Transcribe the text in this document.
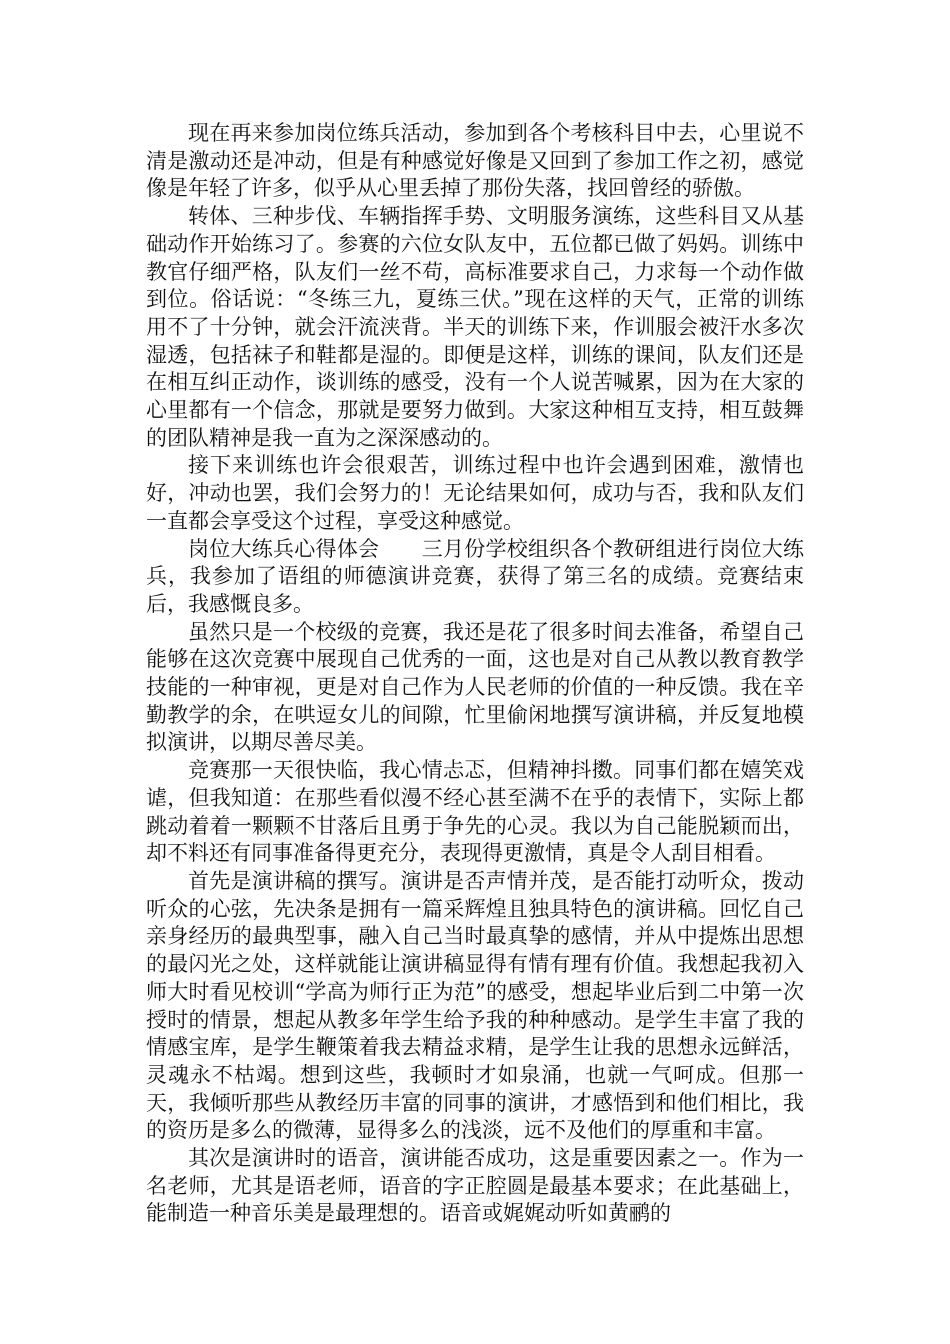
现在再来参加岗位练兵活动，参加到各个考核科目中去，心里说不清是激动还是冲动，但是有种感觉好像是又回到了参加工作之初，感觉像是年轻了许多，似乎从心里丢掉了那份失落，找回曾经的骄傲。

转体、三种步伐、车辆指挥手势、文明服务演练，这些科目又从基础动作开始练习了。参赛的六位女队友中，五位都已做了妈妈。训练中教官仔细严格，队友们一丝不苟，高标准要求自己，力求每一个动作做到位。俗话说：“冬练三九，夏练三伏。”现在这样的天气，正常的训练用不了十分钟，就会汗流浃背。半天的训练下来，作训服会被汗水多次湿透，包括袜子和鞋都是湿的。即便是这样，训练的课间，队友们还是在相互纠正动作，谈训练的感受，没有一个人说苦喊累，因为在大家的心里都有一个信念，那就是要努力做到。大家这种相互支持，相互鼓舞的团队精神是我一直为之深深感动的。

接下来训练也许会很艰苦，训练过程中也许会遇到困难，激情也好，冲动也罢，我们会努力的！无论结果如何，成功与否，我和队友们一直都会享受这个过程，享受这种感觉。

岗位大练兵心得体会　　三月份学校组织各个教研组进行岗位大练兵，我参加了语组的师德演讲竞赛，获得了第三名的成绩。竞赛结束后，我感慨良多。

虽然只是一个校级的竞赛，我还是花了很多时间去准备，希望自己能够在这次竞赛中展现自己优秀的一面，这也是对自己从教以教育教学技能的一种审视，更是对自己作为人民老师的价值的一种反馈。我在辛勤教学的余，在哄逗女儿的间隙，忙里偷闲地撰写演讲稿，并反复地模拟演讲，以期尽善尽美。

竞赛那一天很快临，我心情忐忑，但精神抖擞。同事们都在嬉笑戏谑，但我知道：在那些看似漫不经心甚至满不在乎的表情下，实际上都跳动着着一颗颗不甘落后且勇于争先的心灵。我以为自己能脱颖而出，却不料还有同事准备得更充分，表现得更激情，真是令人刮目相看。

首先是演讲稿的撰写。演讲是否声情并茂，是否能打动听众，拨动听众的心弦，先决条是拥有一篇采辉煌且独具特色的演讲稿。回忆自己亲身经历的最典型事，融入自己当时最真挚的感情，并从中提炼出思想的最闪光之处，这样就能让演讲稿显得有情有理有价值。我想起我初入师大时看见校训“学高为师行正为范”的感受，想起毕业后到二中第一次授时的情景，想起从教多年学生给予我的种种感动。是学生丰富了我的情感宝库，是学生鞭策着我去精益求精，是学生让我的思想永远鲜活，灵魂永不枯竭。想到这些，我顿时才如泉涌，也就一气呵成。但那一天，我倾听那些从教经历丰富的同事的演讲，才感悟到和他们相比，我的资历是多么的微薄，显得多么的浅淡，远不及他们的厚重和丰富。

其次是演讲时的语音，演讲能否成功，这是重要因素之一。作为一名老师，尤其是语老师，语音的字正腔圆是最基本要求；在此基础上，能制造一种音乐美是最理想的。语音或娓娓动听如黄鹂的
